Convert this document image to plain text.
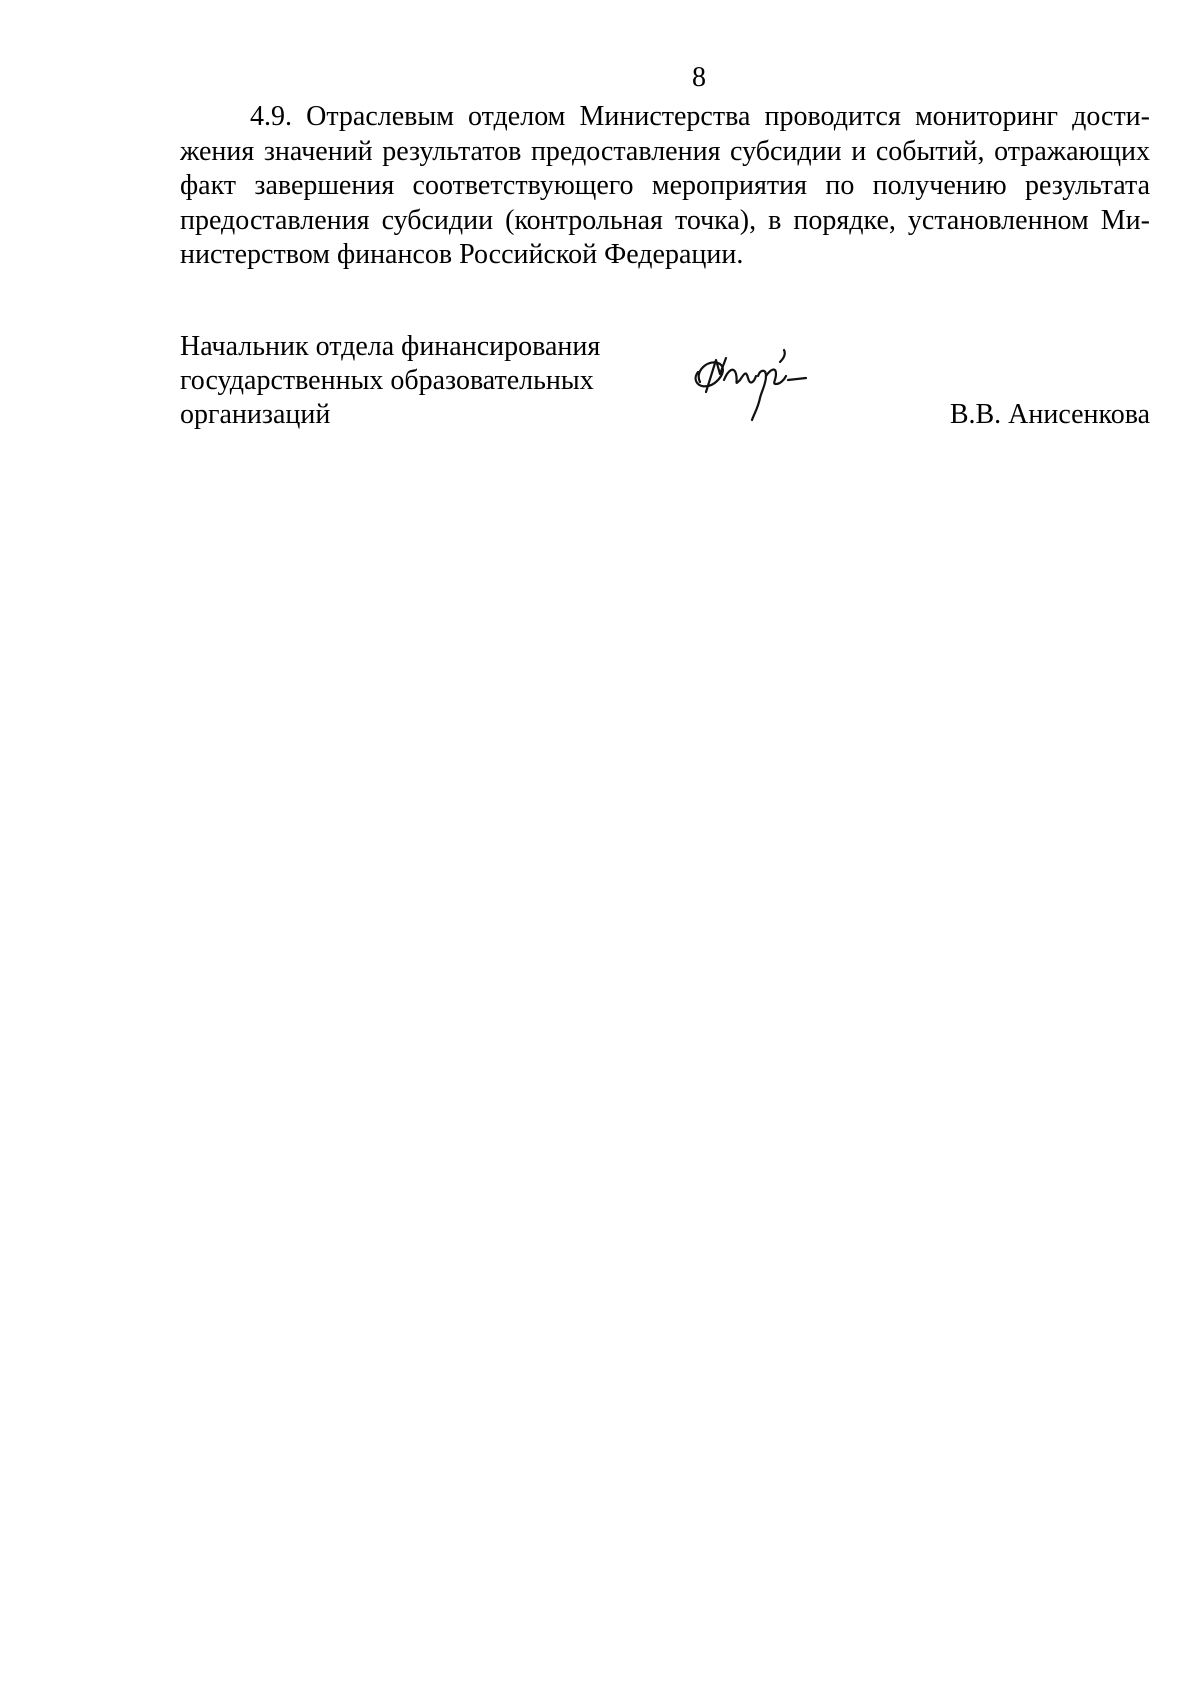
8

4.9. Отраслевым отделом Министерства проводится мониторинг достижения значений результатов предоставления субсидии и событий, отражающих факт завершения соответствующего мероприятия по получению результата предоставления субсидии (контрольная точка), в порядке, установленном Министерством финансов Российской Федерации.

Начальник отдела финансирования
государственных образовательных
организаций	В.В. Анисенкова
